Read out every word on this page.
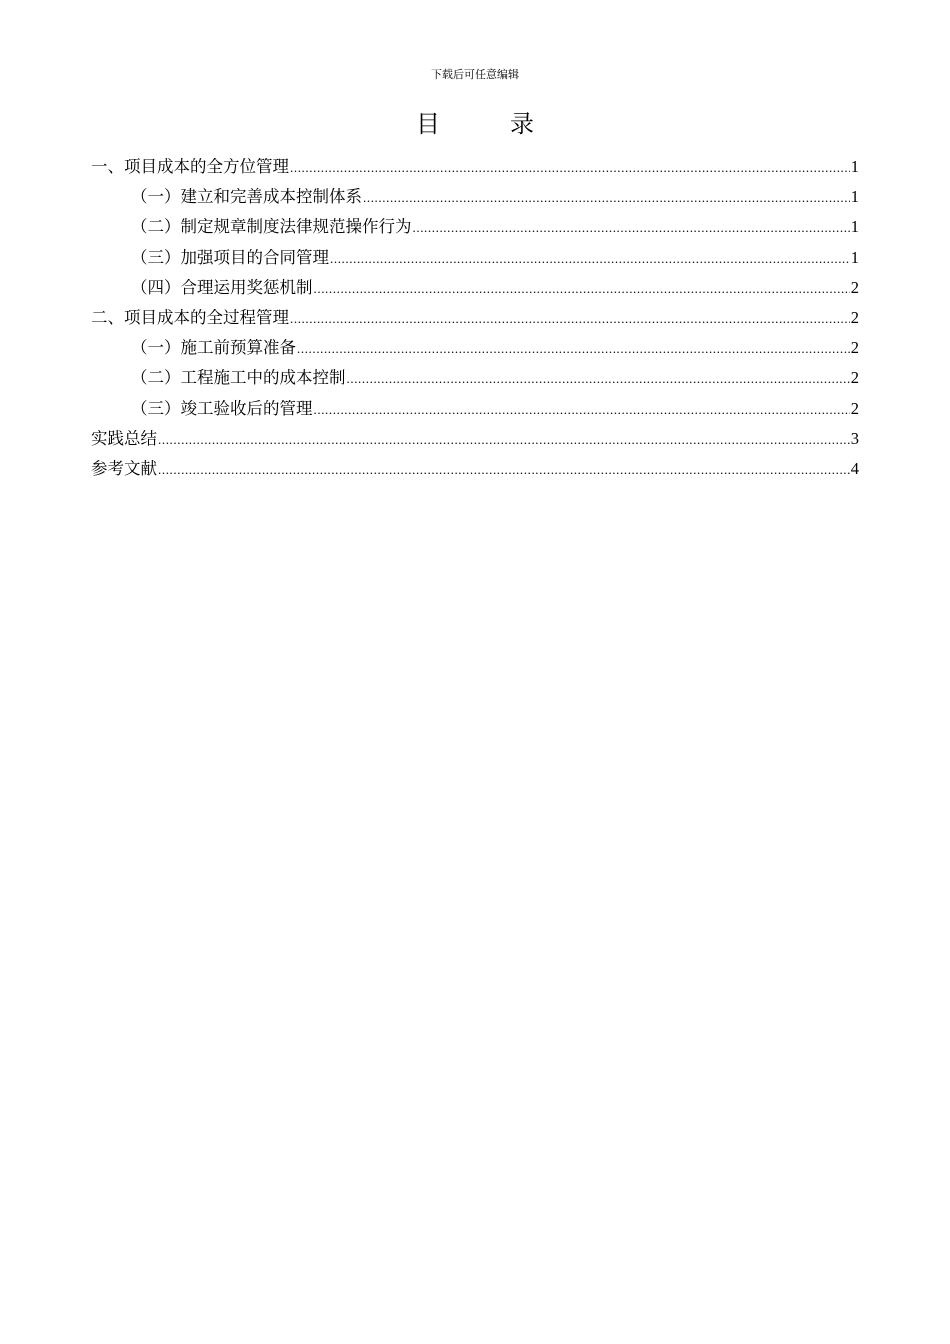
下载后可任意编辑
目	录
一、项目成本的全方位管理 .....	1
（一）建立和完善成本控制体系 .....	1
（二）制定规章制度法律规范操作行为 .....	1
（三）加强项目的合同管理 .....	1
（四）合理运用奖惩机制 .....	2
二、项目成本的全过程管理 .....	2
（一）施工前预算准备 .....	2
（二）工程施工中的成本控制 .....	2
（三）竣工验收后的管理 .....	2
实践总结 .....	3
参考文献 .....	4
